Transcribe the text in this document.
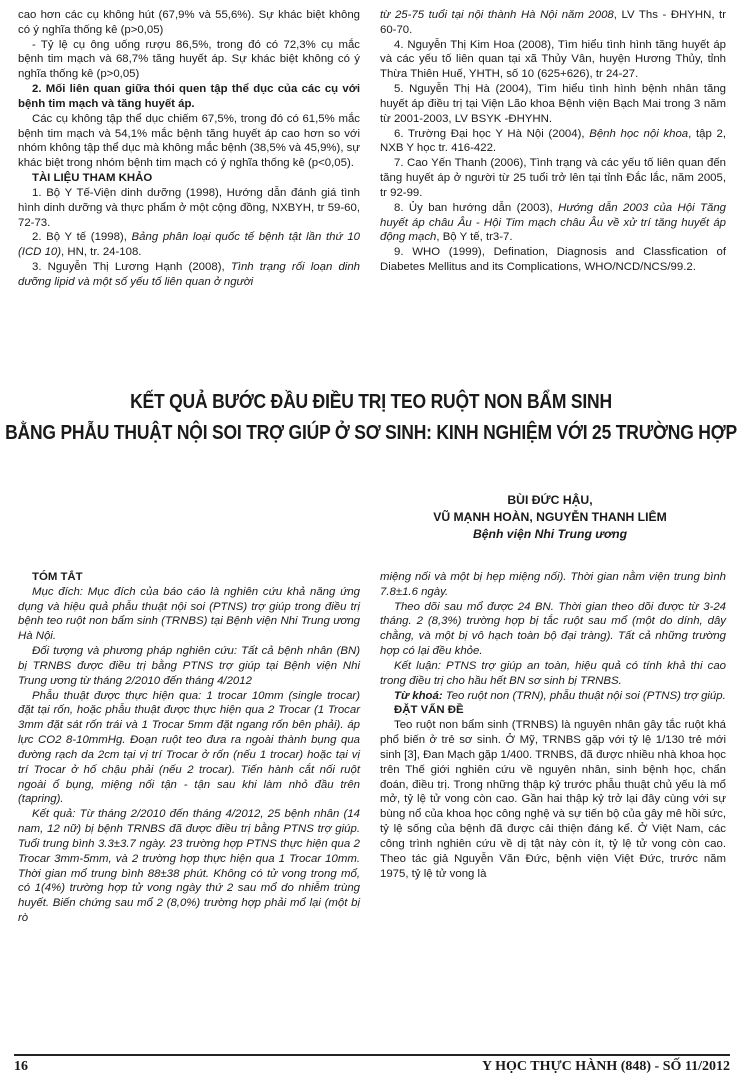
cao hơn các cụ không hút (67,9% và 55,6%). Sự khác biệt không có ý nghĩa thống kê (p>0,05)

- Tỷ lệ cụ ông uống rượu 86,5%, trong đó có 72,3% cụ mắc bệnh tim mạch và 68,7% tăng huyết áp. Sự khác biệt không có ý nghĩa thống kê (p>0,05)

2. Mối liên quan giữa thói quen tập thể dục của các cụ với bệnh tim mạch và tăng huyết áp.

Các cụ không tập thể dục chiếm 67,5%, trong đó có 61,5% mắc bệnh tim mạch và 54,1% mắc bệnh tăng huyết áp cao hơn so với nhóm không tập thể dục mà không mắc bệnh (38,5% và 45,9%), sự khác biệt trong nhóm bệnh tim mạch có ý nghĩa thống kê (p<0,05).

TÀI LIỆU THAM KHẢO

1. Bộ Y Tế-Viện dinh dưỡng (1998), Hướng dẫn đánh giá tình hình dinh dưỡng và thực phẩm ở một cộng đồng, NXBYH, tr 59-60, 72-73.

2. Bộ Y tế (1998), Bảng phân loại quốc tế bệnh tật lần thứ 10 (ICD 10), HN, tr. 24-108.

3. Nguyễn Thị Lương Hạnh (2008), Tình trạng rối loạn dinh dưỡng lipid và một số yếu tố liên quan ở người

từ 25-75 tuổi tại nội thành Hà Nội năm 2008, LV Ths - ĐHYHN, tr 60-70.

4. Nguyễn Thị Kim Hoa (2008), Tìm hiểu tình hình tăng huyết áp và các yếu tố liên quan tại xã Thủy Vân, huyện Hương Thủy, tỉnh Thừa Thiên Huế, YHTH, số 10 (625+626), tr 24-27.

5. Nguyễn Thị Hà (2004), Tìm hiểu tình hình bệnh nhân tăng huyết áp điều trị tại Viện Lão khoa Bệnh viện Bạch Mai trong 3 năm từ 2001-2003, LV BSYK -ĐHYHN.

6. Trường Đại học Y Hà Nội (2004), Bệnh học nội khoa, tập 2, NXB Y học tr. 416-422.

7. Cao Yến Thanh (2006), Tình trạng và các yếu tố liên quan đến tăng huyết áp ở người từ 25 tuổi trở lên tại tỉnh Đắc lắc, năm 2005, tr 92-99.

8. Ủy ban hướng dẫn (2003), Hướng dẫn 2003 của Hội Tăng huyết áp châu Âu - Hội Tim mạch châu Âu về xử trí tăng huyết áp động mạch, Bộ Y tế, tr3-7.

9. WHO (1999), Defination, Diagnosis and Classfication of Diabetes Mellitus and its Complications, WHO/NCD/NCS/99.2.

KẾT QUẢ BƯỚC ĐẦU ĐIỀU TRỊ TEO RUỘT NON BẨM SINH
BẰNG PHẪU THUẬT NỘI SOI TRỢ GIÚP Ở SƠ SINH: KINH NGHIỆM VỚI 25 TRƯỜNG HỢP
BÙI ĐỨC HẬU,
VŨ MẠNH HOÀN, NGUYỄN THANH LIÊM
Bệnh viện Nhi Trung ương

TÓM TẮT

Mục đích: Mục đích của báo cáo là nghiên cứu khả năng ứng dụng và hiệu quả phẫu thuật nội soi (PTNS) trợ giúp trong điều trị bệnh teo ruột non bẩm sinh (TRNBS) tại Bệnh viện Nhi Trung ương Hà Nội.

Đối tượng và phương pháp nghiên cứu: Tất cả bệnh nhân (BN) bị TRNBS được điều trị bằng PTNS trợ giúp tại Bệnh viện Nhi Trung ương từ tháng 2/2010 đến tháng 4/2012

Phẫu thuật được thực hiện qua: 1 trocar 10mm (single trocar) đặt tại rốn, hoặc phẫu thuật được thực hiện qua 2 Trocar (1 Trocar 3mm đặt sát rốn trái và 1 Trocar 5mm đặt ngang rốn bên phải). áp lực CO2 8-10mmHg. Đoạn ruột teo đưa ra ngoài thành bụng qua đường rạch da 2cm tại vị trí Trocar ở rốn (nếu 1 trocar) hoặc tại vị trí Trocar ở hố chậu phải (nếu 2 trocar). Tiến hành cắt nối ruột ngoài ổ bụng, miệng nối tận - tận sau khi làm nhỏ đầu trên (tapring).

Kết quả: Từ tháng 2/2010 đến tháng 4/2012, 25 bệnh nhân (14 nam, 12 nữ) bị bệnh TRNBS đã được điều trị bằng PTNS trợ giúp. Tuổi trung bình 3.3±3.7 ngày. 23 trường hợp PTNS thực hiện qua 2 Trocar 3mm-5mm, và 2 trường hợp thực hiện qua 1 Trocar 10mm. Thời gian mổ trung bình 88±38 phút. Không có tử vong trong mổ, có 1(4%) trường hợp tử vong ngày thứ 2 sau mổ do nhiễm trùng huyết. Biến chứng sau mổ 2 (8,0%) trường hợp phải mổ lại (một bị rò

miệng nối và một bị hẹp miệng nối). Thời gian nằm viện trung bình 7.8±1.6 ngày.

Theo dõi sau mổ được 24 BN. Thời gian theo dõi được từ 3-24 tháng. 2 (8,3%) trường hợp bị tắc ruột sau mổ (một do dính, dây chằng, và một bị vô hạch toàn bộ đại tràng). Tất cả những trường hợp có lại đều khỏe.

Kết luận: PTNS trợ giúp an toàn, hiệu quả có tính khả thi cao trong điều trị cho hầu hết BN sơ sinh bị TRNBS.

Từ khoá: Teo ruột non (TRN), phẫu thuật nội soi (PTNS) trợ giúp.

ĐẶT VẤN ĐỀ

Teo ruột non bẩm sinh (TRNBS) là nguyên nhân gây tắc ruột khá phổ biến ở trẻ sơ sinh. Ở Mỹ, TRNBS gặp với tỷ lệ 1/130 trẻ mới sinh [3], Đan Mạch gặp 1/400. TRNBS, đã được nhiều nhà khoa học trên Thế giới nghiên cứu về nguyên nhân, sinh bệnh học, chẩn đoán, điều trị. Trong những thập kỷ trước phẫu thuật chủ yếu là mổ mở, tỷ lệ tử vong còn cao. Gần hai thập kỷ trở lại đây cùng với sự bùng nổ của khoa học công nghệ và sự tiến bộ của gây mê hồi sức, tỷ lệ sống của bệnh đã được cải thiện đáng kể. Ở Việt Nam, các công trình nghiên cứu về dị tật này còn ít, tỷ lệ tử vong còn cao. Theo tác giả Nguyễn Văn Đức, bệnh viện Việt Đức, trước năm 1975, tỷ lệ tử vong là

16	Y HỌC THỰC HÀNH (848) - SỐ 11/2012
